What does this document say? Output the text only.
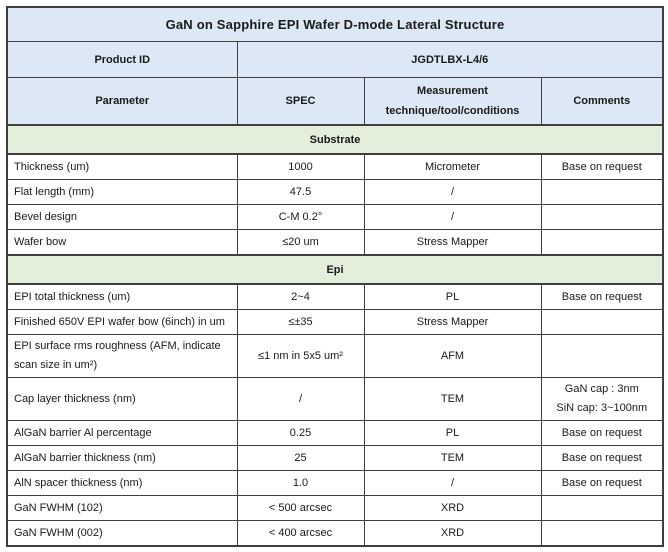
GaN on Sapphire EPI Wafer D-mode Lateral Structure			
Product ID	JGDTLBX-L4/6		
Parameter	SPEC	Measurement technique/tool/conditions	Comments
Substrate			
Thickness (um)	1000	Micrometer	Base on request
Flat length (mm)	47.5	/	
Bevel design	C-M 0.2°	/	
Wafer bow	≤20 um	Stress Mapper	
Epi			
EPI total thickness (um)	2~4	PL	Base on request
Finished 650V EPI wafer bow (6inch) in um	≤±35	Stress Mapper	
EPI surface rms roughness (AFM, indicate scan size in um²)	≤1 nm in 5x5 um²	AFM	
Cap layer thickness (nm)	/	TEM	GaN cap : 3nm
SiN cap: 3~100nm

AlGaN barrier Al percentage	0.25	PL	Base on request
AlGaN barrier thickness (nm)	25	TEM	Base on request
AlN spacer thickness (nm)	1.0	/	Base on request
GaN FWHM (102)	< 500 arcsec	XRD	
GaN FWHM (002)	< 400 arcsec	XRD	
